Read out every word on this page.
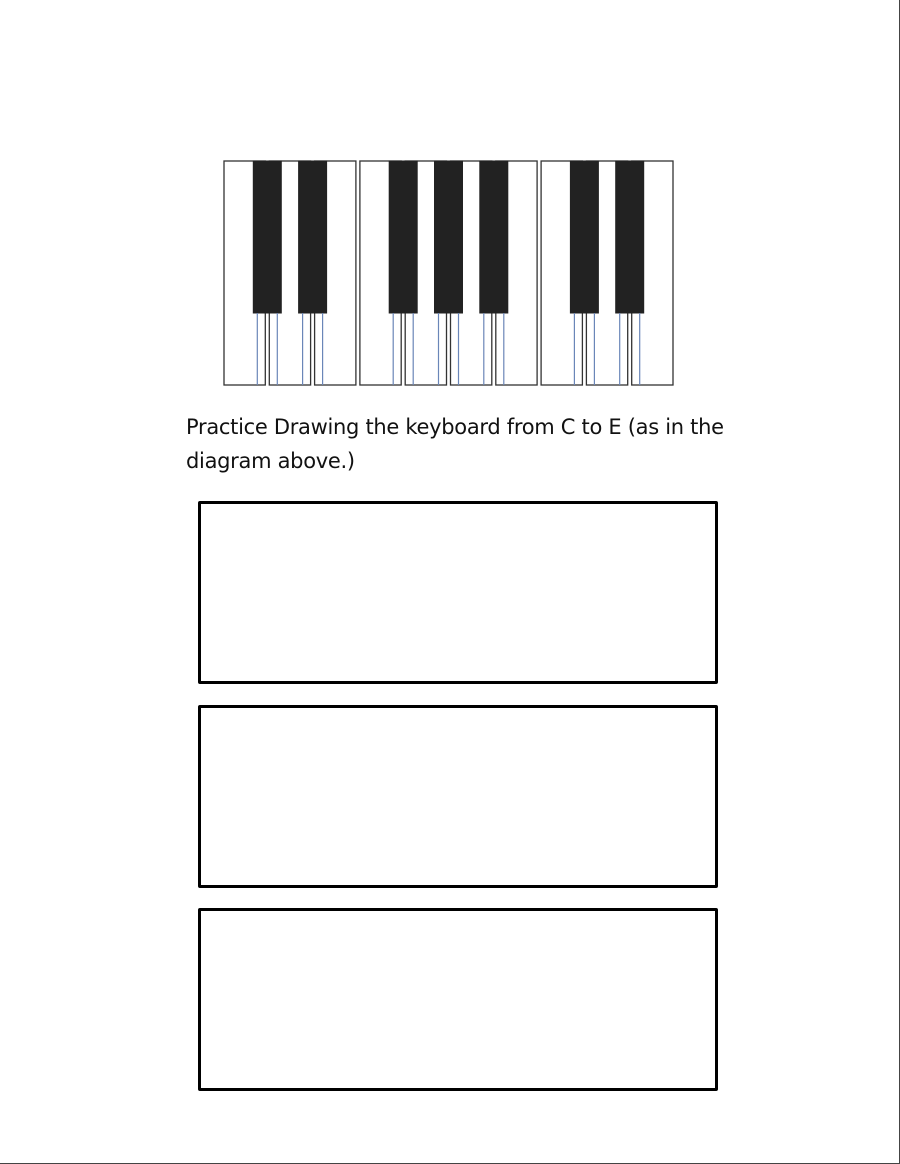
Practice Drawing the keyboard from C to E (as in the diagram above.)
